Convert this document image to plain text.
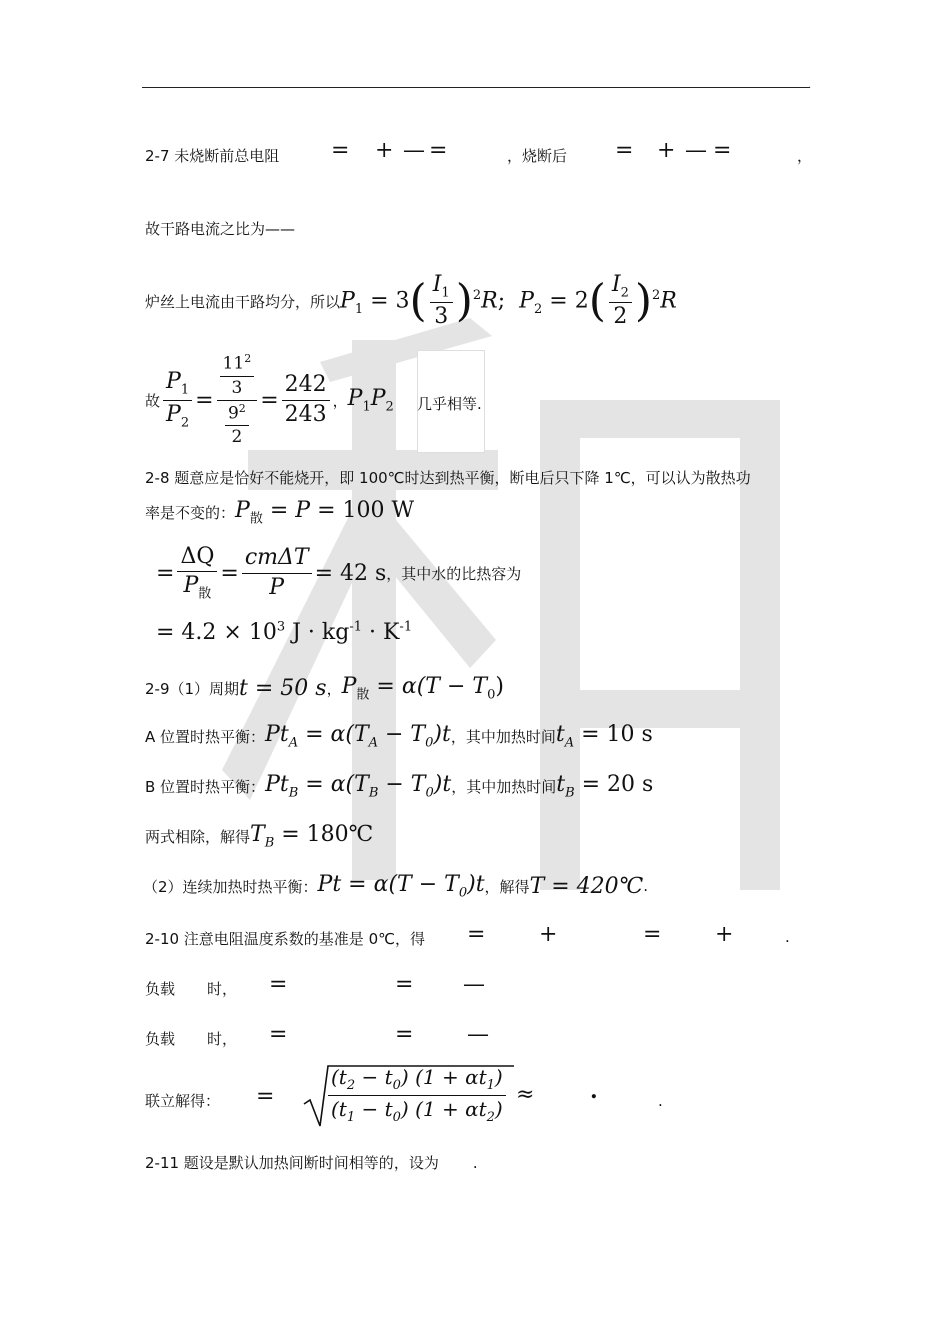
.
2-7 未烧断前总电阻 = + — =	，烧断后 = + — =	，
故干路电流之比为——
炉丝上电流由干路均分，所以 $P_1 = 3( \frac{I_1}{3} )^2R$; $P_2 = 2( \frac{I_2}{2} )^2R$
故 $\frac{P_1}{P_2} = \frac{\frac{11^2}{3}}{\frac{9^2}{2}} = \frac{242}{243}$ ， $P_1P_2$ 几乎相等.
2-8 题意应是恰好不能烧开，即 100℃时达到热平衡，断电后只下降 1℃，可以认为散热功
率是不变的： $P_散 = P = 100$ W
= $\frac{\Delta Q}{P_散} = \frac{\text{cmΔT}}{P}$ =
42 s ，其中水的比热容为
= $4.2 \times 10^3$ $J \cdot kg^{-1} \cdot K^{-1}$
2-9（1）周期 t = 50 s ， $P_散 = \alpha(T - T_0)$
A 位置时热平衡： $Pt_A = \alpha(T_A - T_0)t$ ，其中加热时间 $t_A = 10$ s
B 位置时热平衡： $Pt_B = \alpha(T_B - T_0)t$ ，其中加热时间 $t_B = 20$ s
两式相除，解得 $T_B$ = 180℃
（2）连续加热时热平衡： $Pt = \alpha(T - T_0)t$ ，解得 T = 420℃ .
2-10 注意电阻温度系数的基准是 0℃，得 = +	= +	.
负载 时， =	= —
负载 时， =	= —
联立解得： =	$\frac{(t_2 - t_0) (1 + \alpha t_1)}{(t_1 - t_0) (1 + \alpha t_2)}$ ≈	.	.
2-11 题设是默认加热间断时间相等的，设为 .
